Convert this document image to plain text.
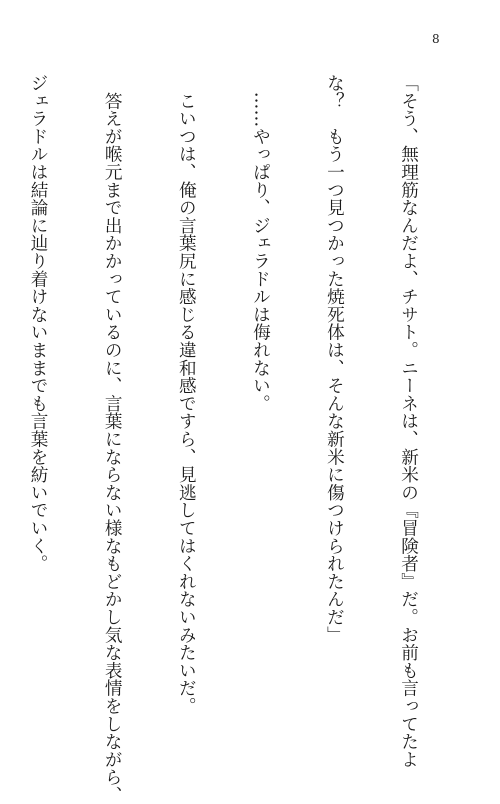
8

「そう、無理筋なんだよ、チサト。ニーネは、新米の『冒険者』だ。お前も言ってたよ

な？　もう一つ見つかった焼死体は、そんな新米に傷つけられたんだ」

　……やっぱり、ジェラドルは侮れない。

　こいつは、俺の言葉尻に感じる違和感ですら、見逃してはくれないみたいだ。

　答えが喉元まで出かかっているのに、言葉にならない様なもどかし気な表情をしながら、

ジェラドルは結論に辿り着けないままでも言葉を紡いでいく。
